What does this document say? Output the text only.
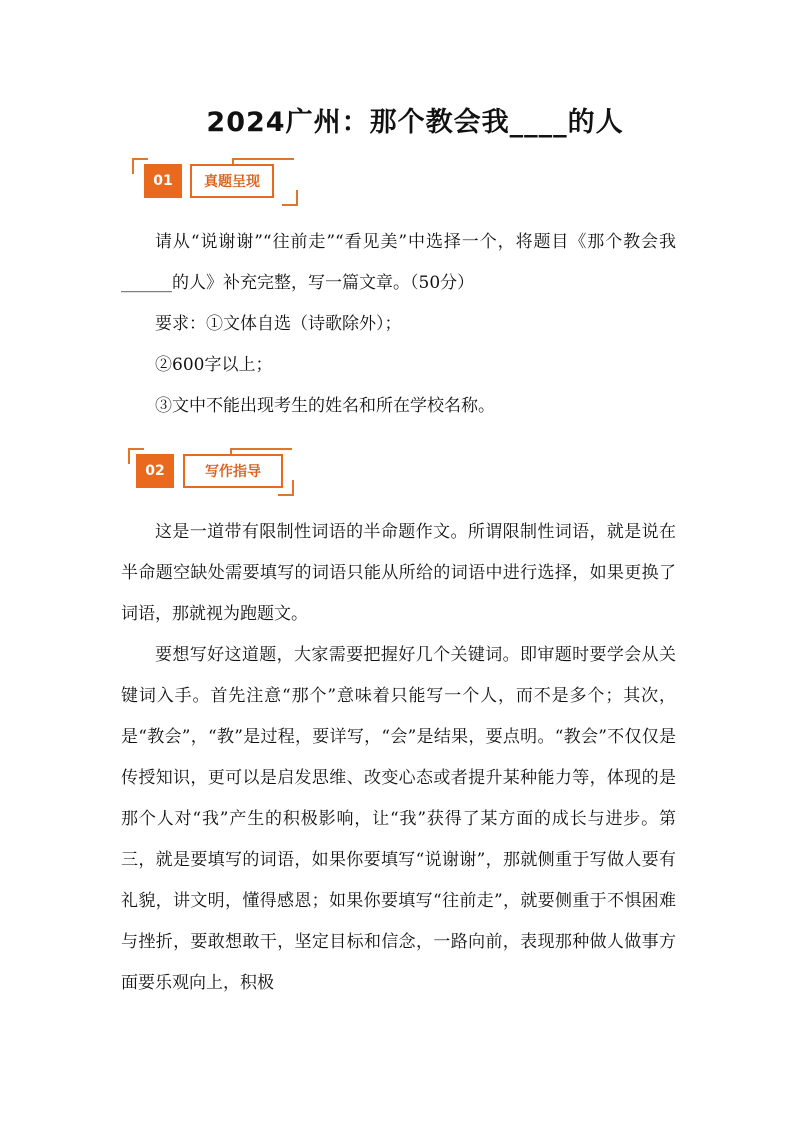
2024广州：那个教会我____的人
01	真题呈现

请从“说谢谢”“往前走”“看见美”中选择一个，将题目《那个教会我______的人》补充完整，写一篇文章。（50分）

要求：①文体自选（诗歌除外）；

②600字以上；

③文中不能出现考生的姓名和所在学校名称。

02	写作指导

这是一道带有限制性词语的半命题作文。所谓限制性词语，就是说在半命题空缺处需要填写的词语只能从所给的词语中进行选择，如果更换了词语，那就视为跑题文。

要想写好这道题，大家需要把握好几个关键词。即审题时要学会从关键词入手。首先注意“那个”意味着只能写一个人，而不是多个；其次，是“教会”，“教”是过程，要详写，“会”是结果，要点明。“教会”不仅仅是传授知识，更可以是启发思维、改变心态或者提升某种能力等，体现的是那个人对“我”产生的积极影响，让“我”获得了某方面的成长与进步。第三，就是要填写的词语，如果你要填写“说谢谢”，那就侧重于写做人要有礼貌，讲文明，懂得感恩；如果你要填写“往前走”，就要侧重于不惧困难与挫折，要敢想敢干，坚定目标和信念，一路向前，表现那种做人做事方面要乐观向上，积极
